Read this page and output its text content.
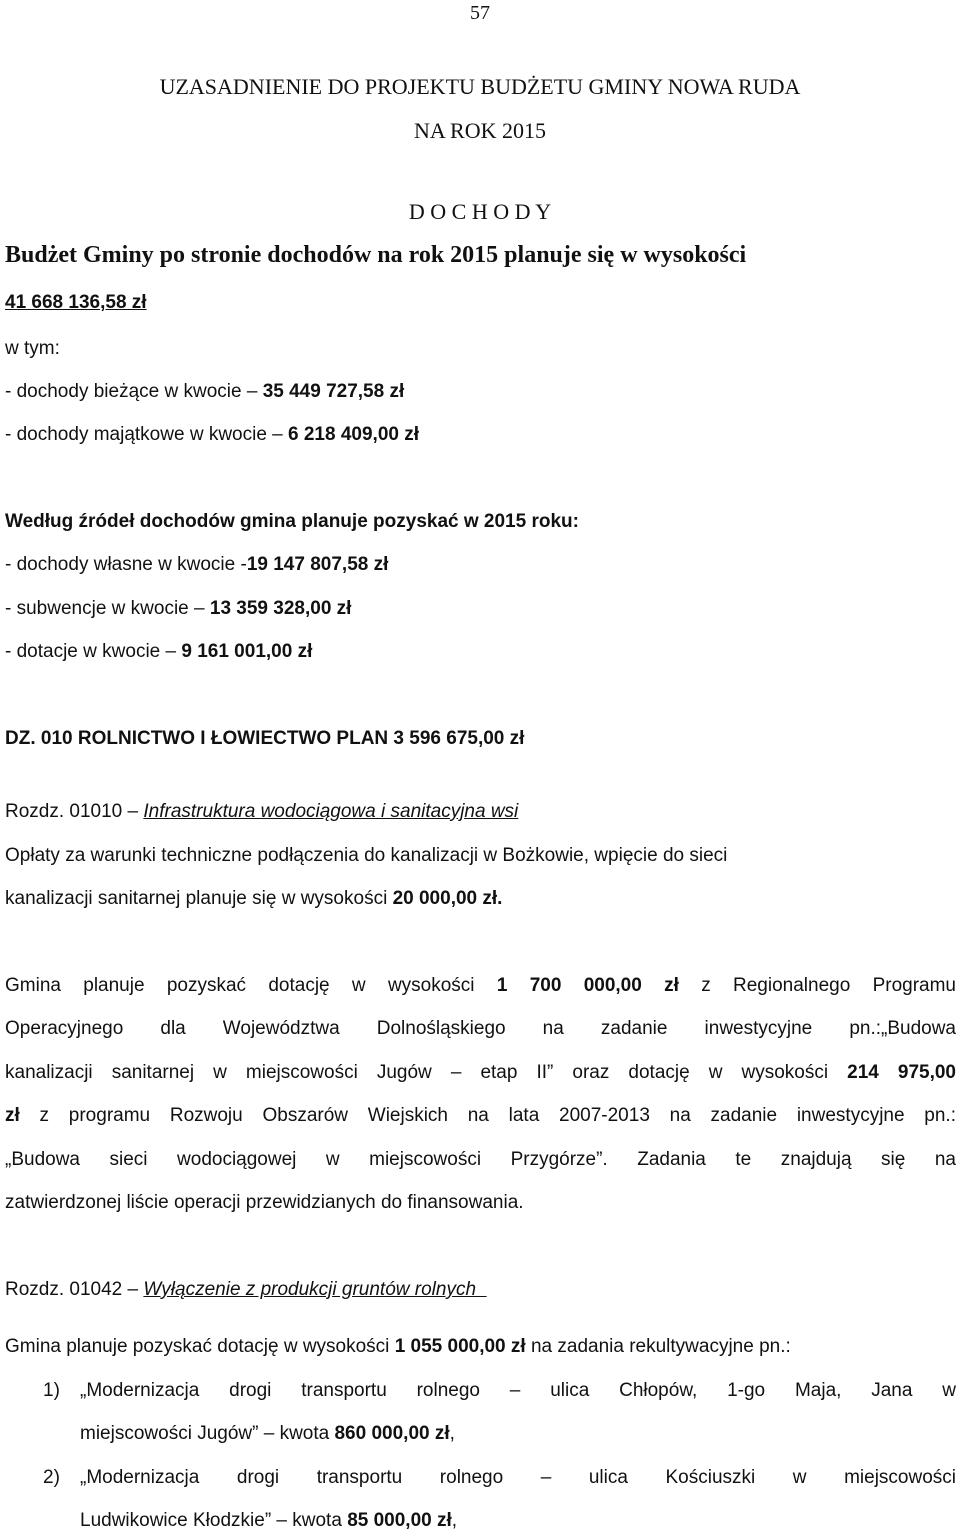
57
UZASADNIENIE DO PROJEKTU BUDŻETU GMINY NOWA RUDA
NA ROK 2015
D O C H O D Y
Budżet Gminy po stronie dochodów na rok 2015 planuje się w wysokości
41 668 136,58 zł
w tym:
- dochody bieżące w kwocie – 35 449 727,58 zł
- dochody majątkowe w kwocie – 6 218 409,00 zł
Według źródeł dochodów gmina planuje pozyskać w 2015 roku:
- dochody własne w kwocie -19 147 807,58 zł
- subwencje w kwocie – 13 359 328,00 zł
- dotacje w kwocie – 9 161 001,00 zł
DZ. 010 ROLNICTWO I ŁOWIECTWO PLAN 3 596 675,00 zł
Rozdz. 01010 – Infrastruktura wodociągowa i sanitacyjna wsi
Opłaty za warunki techniczne podłączenia do kanalizacji w Bożkowie, wpięcie do sieci
kanalizacji sanitarnej planuje się w wysokości 20 000,00 zł.
Gmina planuje pozyskać dotację w wysokości 1 700 000,00 zł z Regionalnego Programu
Operacyjnego dla Województwa Dolnośląskiego na zadanie inwestycyjne pn.:„Budowa
kanalizacji sanitarnej w miejscowości Jugów – etap II” oraz dotację w wysokości 214 975,00
zł z programu Rozwoju Obszarów Wiejskich na lata 2007-2013 na zadanie inwestycyjne pn.:
„Budowa sieci wodociągowej w miejscowości Przygórze”. Zadania te znajdują się na
zatwierdzonej liście operacji przewidzianych do finansowania.
Rozdz. 01042 – Wyłączenie z produkcji gruntów rolnych
Gmina planuje pozyskać dotację w wysokości 1 055 000,00 zł na zadania rekultywacyjne pn.:
1) „Modernizacja drogi transportu rolnego – ulica Chłopów, 1-go Maja, Jana w
miejscowości Jugów” – kwota 860 000,00 zł,
2) „Modernizacja drogi transportu rolnego – ulica Kościuszki w miejscowości
Ludwikowice Kłodzkie” – kwota 85 000,00 zł,
